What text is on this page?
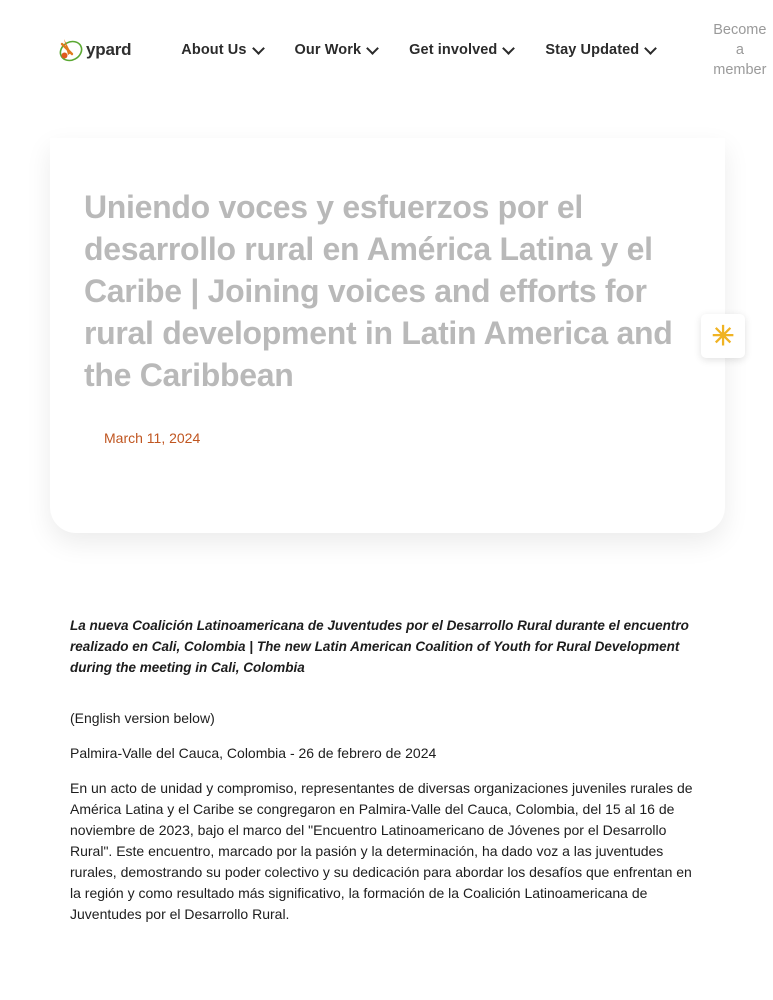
ypard	About Us	Our Work	Get involved	Stay Updated
Become a member
Uniendo voces y esfuerzos por el desarrollo rural en América Latina y el Caribe | Joining voices and efforts for rural development in Latin America and the Caribbean
March 11, 2024
✳

La nueva Coalición Latinoamericana de Juventudes por el Desarrollo Rural durante el encuentro realizado en Cali, Colombia | The new Latin American Coalition of Youth for Rural Development during the meeting in Cali, Colombia

(English version below)

Palmira-Valle del Cauca, Colombia - 26 de febrero de 2024

En un acto de unidad y compromiso, representantes de diversas organizaciones juveniles rurales de América Latina y el Caribe se congregaron en Palmira-Valle del Cauca, Colombia, del 15 al 16 de noviembre de 2023, bajo el marco del "Encuentro Latinoamericano de Jóvenes por el Desarrollo Rural". Este encuentro, marcado por la pasión y la determinación, ha dado voz a las juventudes rurales, demostrando su poder colectivo y su dedicación para abordar los desafíos que enfrentan en la región y como resultado más significativo, la formación de la Coalición Latinoamericana de Juventudes por el Desarrollo Rural.
